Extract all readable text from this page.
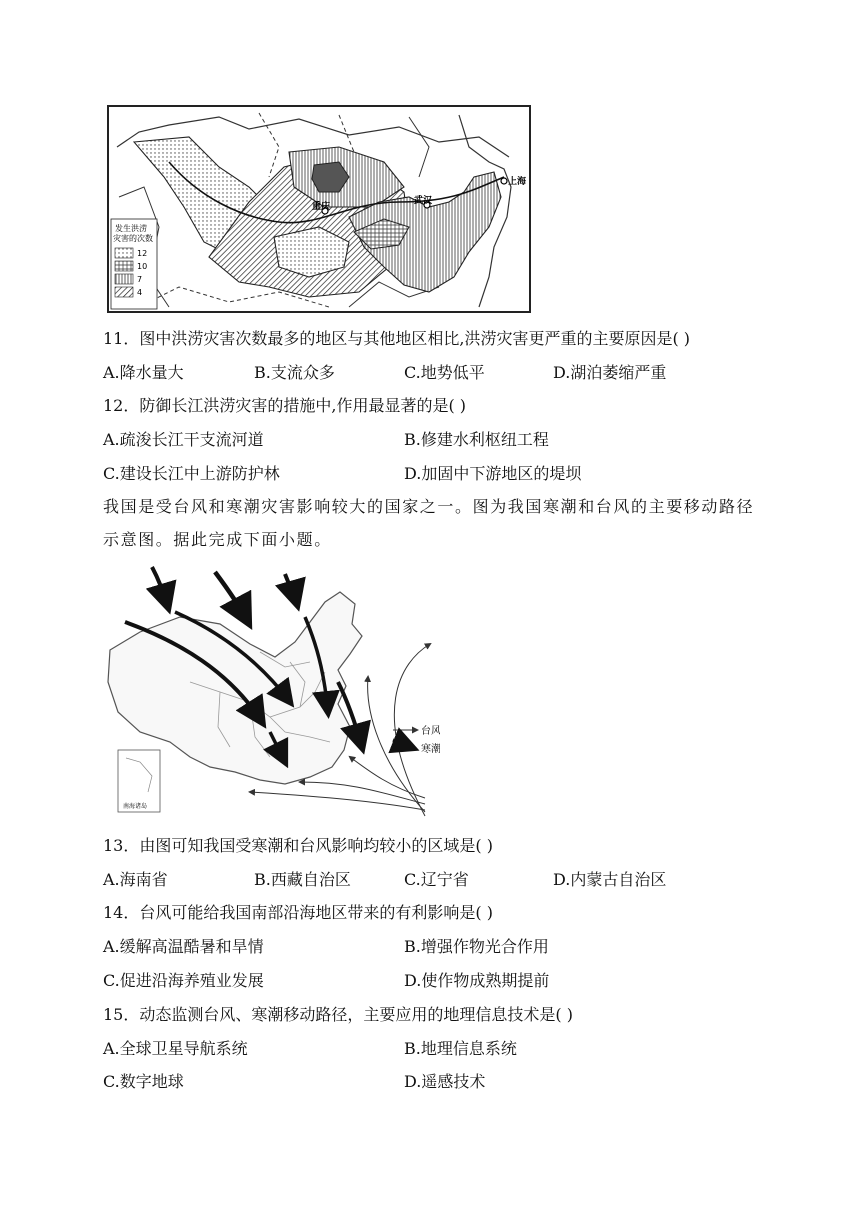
重庆
武汉
上海
发生洪涝
灾害的次数
12
10
7
4
11．图中洪涝灾害次数最多的地区与其他地区相比,洪涝灾害更严重的主要原因是( )
A.降水量大	B.支流众多	C.地势低平	D.湖泊萎缩严重
12．防御长江洪涝灾害的措施中,作用最显著的是( )
A.疏浚长江干支流河道	B.修建水利枢纽工程
C.建设长江中上游防护林	D.加固中下游地区的堤坝
我国是受台风和寒潮灾害影响较大的国家之一。图为我国寒潮和台风的主要移动路径
示意图。据此完成下面小题。
南海诸岛
台风
寒潮
13．由图可知我国受寒潮和台风影响均较小的区域是( )
A.海南省	B.西藏自治区	C.辽宁省	D.内蒙古自治区
14．台风可能给我国南部沿海地区带来的有利影响是( )
A.缓解高温酷暑和旱情	B.增强作物光合作用
C.促进沿海养殖业发展	D.使作物成熟期提前
15．动态监测台风、寒潮移动路径，主要应用的地理信息技术是( )
A.全球卫星导航系统	B.地理信息系统
C.数字地球	D.遥感技术
